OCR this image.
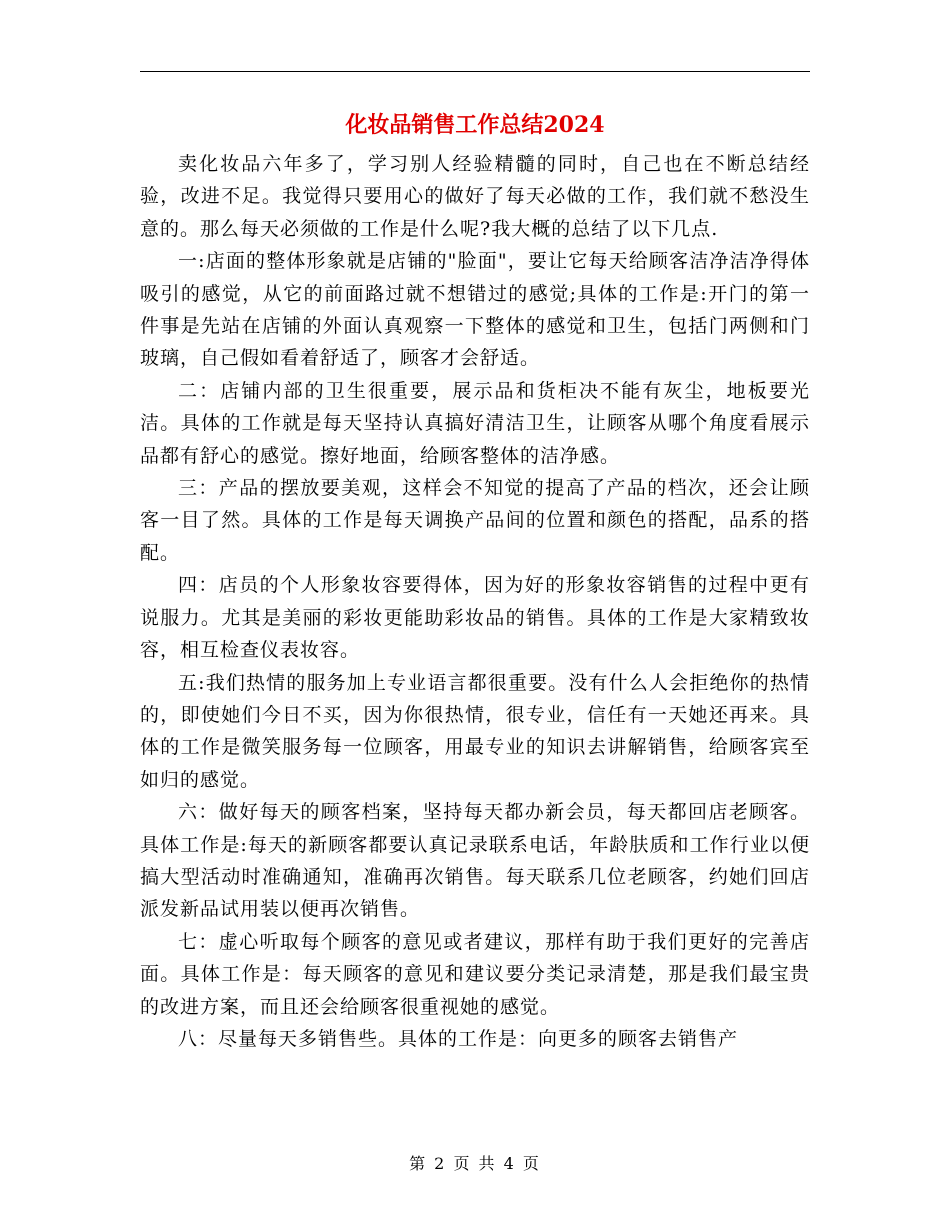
化妆品销售工作总结2024

卖化妆品六年多了，学习别人经验精髓的同时，自己也在不断总结经验，改进不足。我觉得只要用心的做好了每天必做的工作，我们就不愁没生意的。那么每天必须做的工作是什么呢?我大概的总结了以下几点.

一:店面的整体形象就是店铺的"脸面"，要让它每天给顾客洁净洁净得体吸引的感觉，从它的前面路过就不想错过的感觉;具体的工作是:开门的第一件事是先站在店铺的外面认真观察一下整体的感觉和卫生，包括门两侧和门玻璃，自己假如看着舒适了，顾客才会舒适。

二：店铺内部的卫生很重要，展示品和货柜决不能有灰尘，地板要光洁。具体的工作就是每天坚持认真搞好清洁卫生，让顾客从哪个角度看展示品都有舒心的感觉。擦好地面，给顾客整体的洁净感。

三：产品的摆放要美观，这样会不知觉的提高了产品的档次，还会让顾客一目了然。具体的工作是每天调换产品间的位置和颜色的搭配，品系的搭配。

四：店员的个人形象妆容要得体，因为好的形象妆容销售的过程中更有说服力。尤其是美丽的彩妆更能助彩妆品的销售。具体的工作是大家精致妆容，相互检查仪表妆容。

五:我们热情的服务加上专业语言都很重要。没有什么人会拒绝你的热情的，即使她们今日不买，因为你很热情，很专业，信任有一天她还再来。具体的工作是微笑服务每一位顾客，用最专业的知识去讲解销售，给顾客宾至如归的感觉。

六：做好每天的顾客档案，坚持每天都办新会员，每天都回店老顾客。具体工作是:每天的新顾客都要认真记录联系电话，年龄肤质和工作行业以便搞大型活动时准确通知，准确再次销售。每天联系几位老顾客，约她们回店派发新品试用装以便再次销售。

七：虚心听取每个顾客的意见或者建议，那样有助于我们更好的完善店面。具体工作是：每天顾客的意见和建议要分类记录清楚，那是我们最宝贵的改进方案，而且还会给顾客很重视她的感觉。

八：尽量每天多销售些。具体的工作是：向更多的顾客去销售产

第 2 页 共 4 页
